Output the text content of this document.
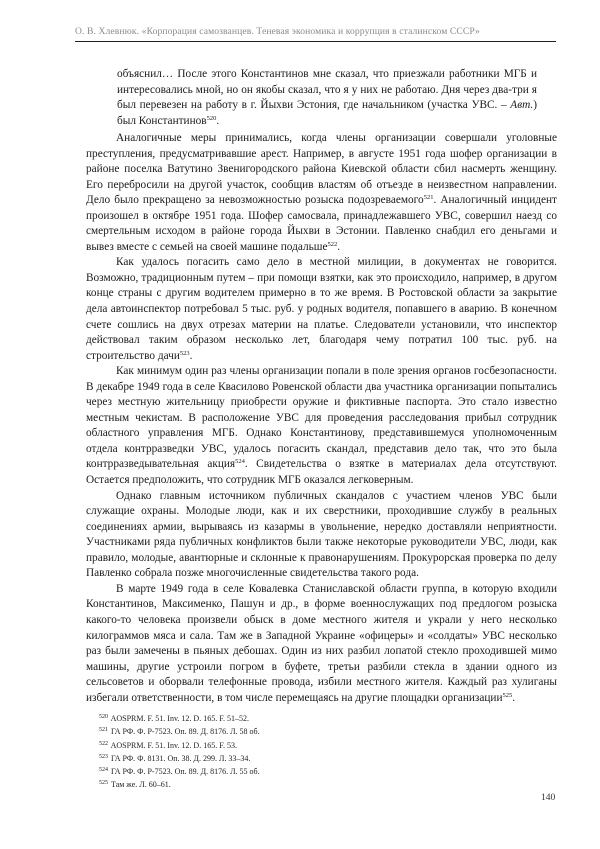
О. В. Хлевнюк. «Корпорация самозванцев. Теневая экономика и коррупция в сталинском СССР»
объяснил… После этого Константинов мне сказал, что приезжали работники МГБ и интересовались мной, но он якобы сказал, что я у них не работаю. Дня через два-три я был перевезен на работу в г. Йыхви Эстония, где начальником (участка УВС. – Авт.) был Константинов$^{520}$.

Аналогичные меры принимались, когда члены организации совершали уголовные преступления, предусматривавшие арест. Например, в августе 1951 года шофер организации в районе поселка Ватутино Звенигородского района Киевской области сбил насмерть женщину. Его перебросили на другой участок, сообщив властям об отъезде в неизвестном направлении. Дело было прекращено за невозможностью розыска подозреваемого$^{521}$. Аналогичный инцидент произошел в октябре 1951 года. Шофер самосвала, принадлежавшего УВС, совершил наезд со смертельным исходом в районе города Йыхви в Эстонии. Павленко снабдил его деньгами и вывез вместе с семьей на своей машине подальше$^{522}$.

Как удалось погасить само дело в местной милиции, в документах не говорится. Возможно, традиционным путем – при помощи взятки, как это происходило, например, в другом конце страны с другим водителем примерно в то же время. В Ростовской области за закрытие дела автоинспектор потребовал 5 тыс. руб. у родных водителя, попавшего в аварию. В конечном счете сошлись на двух отрезах материи на платье. Следователи установили, что инспектор действовал таким образом несколько лет, благодаря чему потратил 100 тыс. руб. на строительство дачи$^{523}$.

Как минимум один раз члены организации попали в поле зрения органов госбезопасности. В декабре 1949 года в селе Квасилово Ровенской области два участника организации попытались через местную жительницу приобрести оружие и фиктивные паспорта. Это стало известно местным чекистам. В расположение УВС для проведения расследования прибыл сотрудник областного управления МГБ. Однако Константинову, представившемуся уполномоченным отдела контрразведки УВС, удалось погасить скандал, представив дело так, что это была контрразведывательная акция$^{524}$. Свидетельства о взятке в материалах дела отсутствуют. Остается предположить, что сотрудник МГБ оказался легковерным.

Однако главным источником публичных скандалов с участием членов УВС были служащие охраны. Молодые люди, как и их сверстники, проходившие службу в реальных соединениях армии, вырываясь из казармы в увольнение, нередко доставляли неприятности. Участниками ряда публичных конфликтов были также некоторые руководители УВС, люди, как правило, молодые, авантюрные и склонные к правонарушениям. Прокурорская проверка по делу Павленко собрала позже многочисленные свидетельства такого рода.

В марте 1949 года в селе Ковалевка Станиславской области группа, в которую входили Константинов, Максименко, Пашун и др., в форме военнослужащих под предлогом розыска какого-то человека произвели обыск в доме местного жителя и украли у него несколько килограммов мяса и сала. Там же в Западной Украине «офицеры» и «солдаты» УВС несколько раз были замечены в пьяных дебошах. Один из них разбил лопатой стекло проходившей мимо машины, другие устроили погром в буфете, третьи разбили стекла в здании одного из сельсоветов и оборвали телефонные провода, избили местного жителя. Каждый раз хулиганы избегали ответственности, в том числе перемещаясь на другие площадки организации$^{525}$.

$^{520}$ AOSPRM. F. 51. Inv. 12. D. 165. F. 51–52.
$^{521}$ ГА РФ. Ф. Р-7523. Оп. 89. Д. 8176. Л. 58 об.
$^{522}$ AOSPRM. F. 51. Inv. 12. D. 165. F. 53.
$^{523}$ ГА РФ. Ф. 8131. Оп. 38. Д. 299. Л. 33–34.
$^{524}$ ГА РФ. Ф. Р-7523. Оп. 89. Д. 8176. Л. 55 об.
$^{525}$ Там же. Л. 60–61.
140
